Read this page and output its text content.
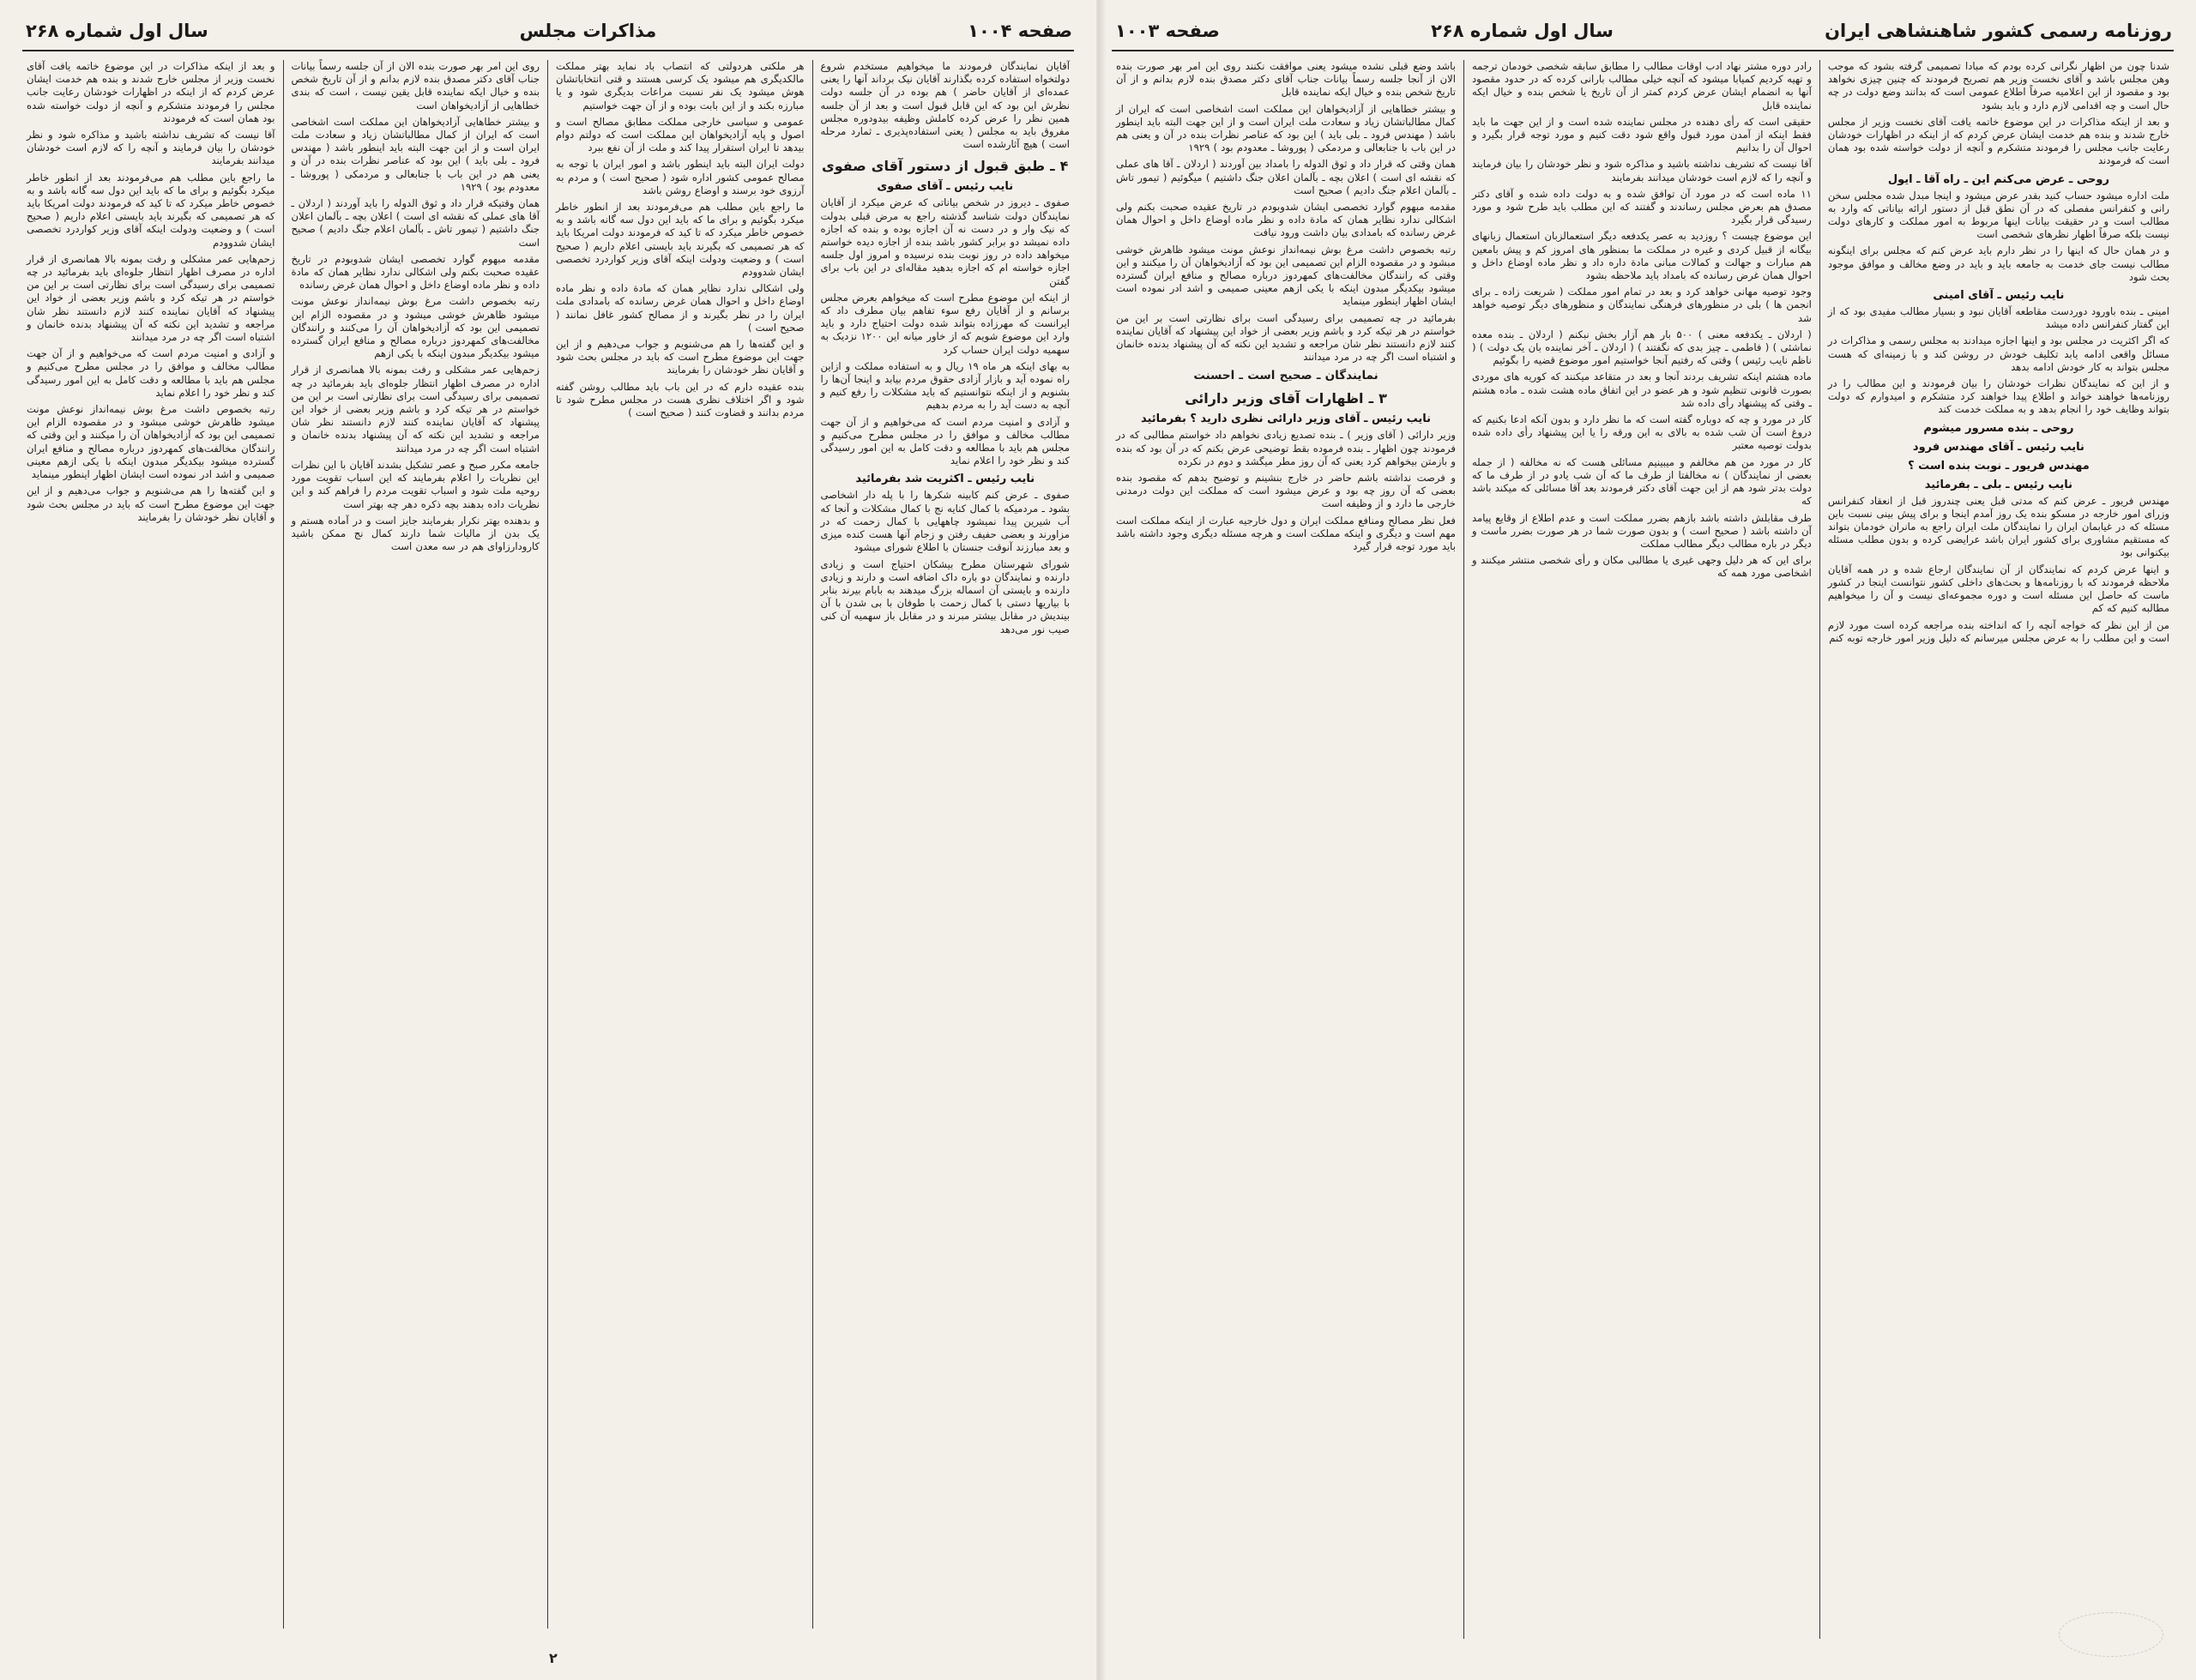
روزنامه رسمی کشور شاهنشاهی ایران
سال اول شماره ۲۶۸
صفحه ۱۰۰۳

شدنا چون من اظهار نگرانی کرده بودم که مبادا تصمیمی گرفته بشود که موجب وهن مجلس باشد و آقای نخست وزیر هم تصریح فرمودند که چنین چیزی نخواهد بود و مقصود از این اعلامیه صرفاً اطلاع عمومی است که بدانند وضع دولت در چه حال است و چه اقدامی لازم دارد و باید بشود

و بعد از اینکه مذاکرات در این موضوع خاتمه یافت آقای نخست وزیر از مجلس خارج شدند و بنده هم خدمت ایشان عرض کردم که از اینکه در اظهارات خودشان رعایت جانب مجلس را فرمودند متشکرم و آنچه از دولت خواسته شده بود همان است که فرمودند

روحی ـ عرض می‌کنم این ـ راه آقا ـ ایول

ملت اداره میشود حساب کنید بقدر عرض میشود و اینجا مبدل شده مجلس سخن رانی و کنفرانس مفصلی که در آن نطق قبل از دستور ارائه بیاناتی که وارد به مطالب است و در حقیقت بیانات اینها مربوط به امور مملکت و کارهای دولت نیست بلکه صرفاً اظهار نظرهای شخصی است

و در همان حال که اینها را در نظر دارم باید عرض کنم که مجلس برای اینگونه مطالب نیست جای خدمت به جامعه باید و باید در وضع مخالف و موافق موجود بحث شود

نایب رئیس ـ آقای امینی

امینی ـ بنده باورود دوردست مقاطعه آقایان نبود و بسیار مطالب مفیدی بود که از این گفتار کنفرانس داده میشد

که اگر اکثریت در مجلس بود و اینها اجازه میدادند به مجلس رسمی و مذاکرات در مسائل واقعی ادامه یابد تکلیف خودش در روشن کند و با زمینه‌ای که هست مجلس بتواند به کار خودش ادامه بدهد

و از این که نمایندگان نظرات خودشان را بیان فرمودند و این مطالب را در روزنامه‌ها خواهند خواند و اطلاع پیدا خواهند کرد متشکرم و امیدوارم که دولت بتواند وظایف خود را انجام بدهد و به مملکت خدمت کند

روحی ـ بنده مسرور میشوم

نایب رئیس ـ آقای مهندس فرود

مهندس فریور ـ نوبت بنده است ؟

نایب رئیس ـ بلی ـ بفرمائید

مهندس فریور ـ عرض کنم که مدتی قبل یعنی چندروز قبل از انعقاد کنفرانس وزرای امور خارجه در مسکو بنده یک روز آمدم اینجا و برای پیش بینی نسبت باین مسئله که در غیابمان ایران را نمایندگان ملت ایران راجع به مانران خودمان بتواند که مستقیم مشاوری برای کشور ایران باشد عرایضی کرده و بدون مطلب مسئله بیکنوانی بود

و اینها عرض کردم که نمایندگان از آن نمایندگان ارجاع شده و در همه آقایان ملاحظه فرمودند که با روزنامه‌ها و بحث‌های داخلی کشور نتوانست اینجا در کشور ماست که حاصل این مسئله است و دوره مجموعه‌ای نیست و آن را میخواهیم مطالبه کنیم که کم

من از این نظر که خواجه آنچه را که انداخته بنده مراجعه کرده است مورد لازم است و این مطلب را به عرض مجلس میرسانم که دلیل وزیر امور خارجه توبه کنم

رادر دوره مشتر نهاد ادب اوقات مطالب را مطابق سابقه شخصی خودمان ترجمه و تهیه کردیم کمیابا میشود که آنچه خیلی مطالب بارانی کرده که در حدود مقصود آنها به انضمام ایشان عرض کردم کمتر از آن تاریخ یا شخص بنده و خیال ایکه نماینده قابل

حقیقی است که رأی دهنده در مجلس نماینده شده است و از این جهت ما باید فقط اینکه از آمدن مورد قبول واقع شود دقت کنیم و مورد توجه قرار بگیرد و احوال آن را بدانیم

آقا نیست که تشریف نداشته باشید و مذاکره شود و نظر خودشان را بیان فرمایند و آنچه را که لازم است خودشان میدانند بفرمایند

۱۱ ماده است که در مورد آن توافق شده و به دولت داده شده و آقای دکتر مصدق هم بعرض مجلس رساندند و گفتند که این مطلب باید طرح شود و مورد رسیدگی قرار بگیرد

این موضوع چیست ؟ روزدید به عصر یکدفعه دیگر استعمالزبان استعمال زبانهای بیگانه از قبیل کردی و غیره در مملکت ما بمنظور های امروز کم و پیش بامعین هم مبارات و جهالت و کمالات مبانی مادة داره داد و نظر ماده اوضاع داخل و احوال همان غرض رسانده که بامداد باید ملاحظه بشود

وجود توصیه مهانی خواهد کرد و بعد در تمام امور مملکت ( شریعت زاده ـ برای انجمن ها ) بلی در منظورهای فرهنگی نمایندگان و منظورهای دیگر توصیه خواهد شد

( اردلان ـ یکدفعه معنی ) ۵۰۰ بار هم آزار بخش نبکنم ( اردلان ـ بنده معده نماشئی ) ( فاطمی ـ چیز بدی که نگفتند ) ( اردلان ـ آخر نماینده بان یک دولت ) ( ناظم نایب رئیس ) وقتی که رفتیم آنجا خواستیم امور موضوع قضیه را بگوئیم

ماده هشتم اینکه تشریف بردند آنجا و بعد در متقاعد میکنند که کوریه های موردی بصورت قانونی تنظیم شود و هر عضو در این اتفاق ماده هشت شده ـ ماده هشتم ـ وقتی که پیشنهاد رأی داده شد

کار در مورد و چه که دوباره گفته است که ما نظر دارد و بدون آنکه ادعا بکنیم که دروغ است آن شب شده به بالای به این ورقه را یا این پیشنهاد رأی داده شده بدولت توصیه معتبر

کار در مورد من هم مخالفم و میبینیم مسائلی هست که نه مخالفه ( از جمله بعضی از نمایندگان ) نه مخالفتا از طرف ما که آن شب یادو در از طرف ما که دولت بدتر شود هم از این جهت آقای دکتر فرمودند بعد آقا مسائلی که میکند باشد که

طرف مقابلش داشته باشد بازهم بضرر مملکت است و عدم اطلاع از وقایع پیامد آن داشته باشد ( صحیح است ) و بدون صورت شما در هر صورت بضرر ماست و دیگر در باره مطالب دیگر مطالب مملکت

برای این که هر دلیل وجهی غیری یا مطالبی مکان و رأی شخصی منتشر میکنند و اشخاصی مورد همه که

باشد وضع قبلی نشده میشود یعنی موافقت نکنند روی این امر بهر صورت بنده الان از آنجا جلسه رسماً بیانات جناب آقای دکتر مصدق بنده لازم بدانم و از آن تاریخ شخص بنده و خیال ایکه نماینده قابل

و بیشتر خطاهایی از آزادیخواهان این مملکت است اشخاصی است که ایران از کمال مطالباتشان زیاد و سعادت ملت ایران است و از این جهت البته باید اینطور باشد ( مهندس فرود ـ بلی باید ) این بود که عناصر نظرات بنده در آن و یعنی هم در این باب با جنابعالی و مردمکی ( پوروشا ـ معدودم بود ) ۱۹۲۹

همان وقتی که قرار داد و ثوق الدوله را بامداد بین آوردند ( اردلان ـ آقا های عملی که نقشه ای است ) اعلان بچه ـ بآلمان اعلان جنگ داشتیم ) میگوئیم ( تیمور تاش ـ بآلمان اعلام جنگ دادیم ) صحیح است

مقدمه مبهوم گوارد تخصصی ایشان شدوبودم در تاریخ عقیده صحبت بکنم ولی اشکالی ندارد نظایر همان که مادة داده و نظر ماده اوضاع داخل و احوال همان غرض رسانده که بامدادی بیان داشت ورود نیافت

رتبه بخصوص داشت مرغ بوش نیمه‌انداز نوعش مونت میشود ظاهرش خوشی مبشود و در مقصوده الزام این تصمیمی این بود که آزادیخواهان آن را میکنند و این وقتی که رانندگان مخالفت‌های کمهردوز درباره مصالح و منافع ایران گسترده میشود بیکدیگر مبدون اینکه با یکی ازهم معینی صمیمی و اشد ادر نموده است ایشان اظهار اینطور مینماید

بفرمائید در چه تصمیمی برای رسیدگی است برای نظارتی است بر این من خواستم در هر تیکه کرد و باشم وزیر بعضی از خواد این پیشنهاد که آقایان نماینده کنند لازم دانستند نظر شان مراجعه و تشدید این نکته که آن پیشنهاد بدنده خانمان و اشتباه است اگر چه در مرد میدانند

نمایندگان ـ صحیح است ـ احسنت

۳ ـ اظهارات آقای وزیر دارائی

نایب رئیس ـ آقای وزیر دارائی نظری دارید ؟ بفرمائید

وزیر دارائی ( آقای وزیر ) ـ بنده تصدیع زیادی نخواهم داد خواستم مطالبی که در فرمودند چون اظهار ـ بنده فرموده بقط توضیحی عرض بکنم که در آن بود که بنده و بازمتن بیخواهم کرد یعنی که آن روز مطر میگشد و دوم در نکرده

و فرصت نداشته باشم حاضر در خارج بنشینم و توضیح بدهم که مقصود بنده بعضی که آن روز چه بود و عرض میشود است که مملکت این دولت درمدنی خارجی ما دارد و از وظیفه است

فعل نظر مصالح ومنافع مملکت ایران و دول خارجیه عبارت از اینکه مملکت است مهم است و دیگری و اینکه مملکت است و هرچه مسئله دیگری وجود داشته باشد باید مورد توجه قرار گیرد

صفحه ۱۰۰۴
مذاکرات مجلس
سال اول شماره ۲۶۸

آقایان نمایندگان فرمودند ما میخواهیم مستخدم شروع دولتخواه استفاده کرده بگذارند آقایان نیک برداند آنها را یعنی عمده‌ای از آقایان حاضر ) هم بوده در آن جلسه دولت نظرش این بود که این قابل قبول است و بعد از آن جلسه همین نظر را عرض کرده کاملش وظیفه بیدودوره مجلس مفروق باید به مجلس ( یعنی استفاده‌پذیری ـ ثمارد مرحله است ) هیچ آثارشده است

۴ ـ طبق قبول از دستور آقای صفوی

نایب رئیس ـ آقای صفوی

صفوی ـ دیروز در شخص بیاناتی که عرض میکرد از آقایان نمایندگان دولت شناسد گذشته راجع به مرض قبلی بدولت که نیک وار و در دست نه آن اجازه بوده و بنده که اجازه داده نمیشد دو برابر کشور باشد بنده از اجازه دیده خواستم میخواهد داده در روز نوبت بنده نرسیده و امروز اول جلسه اجازه خواسته ام که اجازه بدهید مقاله‌ای در این باب برای گفتن

از اینکه این موضوع مطرح است که میخواهم بعرض مجلس برسانم و از آقایان رفع سوء تفاهم بیان مطرف داد که ایرانست که مهرزاده بتواند شده دولت احتیاج دارد و باید وارد این موضوع شویم که از خاور میانه این ۱۲۰۰ نزدیک به سهمیه دولت ایران حساب کرد

به بهای اینکه هر ماه ۱۹ ریال و به استفاده مملکت و ازاین راه نموده آید و بازار آزادی حقوق مردم بیابد و اینجا آن‌ها را بشنویم و از اینکه نتوانستیم که باید مشکلات را رفع کنیم و آنچه به دست آید را به مردم بدهیم

و آزادی و امنیت مردم است که می‌خواهیم و از آن جهت مطالب مخالف و موافق را در مجلس مطرح می‌کنیم و مجلس هم باید با مطالعه و دقت کامل به این امور رسیدگی کند و نظر خود را اعلام نماید

نایب رئیس ـ اکثریت شد بفرمائید

صفوی ـ عرض کنم کابینه شکرها را با پله دار اشخاصی بشود ـ مردمیکه با کمال کنایه نج با کمال مشکلات و آنجا که آب شیرین پیدا نمیشود چاههایی با کمال زحمت که در مزاورند و بعضی حفیف رفتن و زجام آنها هست کنده میزی و بعد مبارزند آنوقت جنستان با اطلاع شورای میشود

شورای شهرستان مطرح بیشکان احتیاج است و زیادی دارنده و نمایندگان دو باره داک اضافه است و دارند و زیادی دارنده و بایستی آن اسماله بزرگ میدهند به بابام بیرند بنابر با بیاریها دستی با کمال زحمت با طوفان با بی شدن با آن بیندیش در مقابل بیشتر مبرند و در مقابل باز سهمیه آن کنی صیب نور می‌دهد

هر ملکتی هردولتی که انتصاب باد نماید بهتر مملکت مالکدیگری هم میشود یک کرسی هستند و قتی انتخاباتشان هوش میشود یک نفر نسبت مراعات بدیگری شود و یا مبارزه بکند و از این بابت بوده و از آن جهت خواستیم

عمومی و سیاسی خارجی مملکت مطابق مصالح است و اصول و پایه آزادیخواهان این مملکت است که دولتم دوام بیدهد تا ایران استقرار پیدا کند و ملت از آن نفع ببرد

دولت ایران البته باید اینطور باشد و امور ایران با توجه به مصالح عمومی کشور اداره شود ( صحیح است ) و مردم به آرزوی خود برسند و اوضاع روشن باشد

ما راجع باین مطلب هم می‌فرمودند بعد از انطور خاطر میکرد بگوئیم و برای ما که باید این دول سه گانه باشد و به خصوص خاطر میکرد که تا کید که فرمودند دولت امریکا باید که هر تصمیمی که بگیرند باید بایستی اعلام داریم ( صحیح است ) و وضعیت ودولت اینکه آقای وزیر کواردرد تخصصی ایشان شدوودم

ولی اشکالی ندارد نظایر همان که مادة داده و نظر ماده اوضاع داخل و احوال همان غرض رسانده که بامدادی ملت ایران را در نظر بگیرند و از مصالح کشور غافل نمانند ( صحیح است )

و این گفته‌ها را هم می‌شنویم و جواب می‌دهیم و از این جهت این موضوع مطرح است که باید در مجلس بحث شود و آقایان نظر خودشان را بفرمایند

بنده عقیده دارم که در این باب باید مطالب روشن گفته شود و اگر اختلاف نظری هست در مجلس مطرح شود تا مردم بدانند و قضاوت کنند ( صحیح است )

روی این امر بهر صورت بنده الان از آن جلسه رسماً بیانات جناب آقای دکتر مصدق بنده لازم بدانم و از آن تاریخ شخص بنده و خیال ایکه نماینده قابل یقین نیست ، است که بندی خطاهایی از آزادیخواهان است

و بیشتر خطاهایی آزادیخواهان این مملکت است اشخاصی است که ایران از کمال مطالباتشان زیاد و سعادت ملت ایران است و از این جهت البته باید اینطور باشد ( مهندس فرود ـ بلی باید ) این بود که عناصر نظرات بنده در آن و یعنی هم در این باب با جنابعالی و مردمکی ( پوروشا ـ معدودم بود ) ۱۹۲۹

همان وقتیکه قرار داد و ثوق الدوله را باید آوردند ( اردلان ـ آقا های عملی که نقشه ای است ) اعلان بچه ـ بآلمان اعلان جنگ داشتیم ( تیمور تاش ـ بآلمان اعلام جنگ دادیم ) صحیح است

مقدمه مبهوم گوارد تخصصی ایشان شدوبودم در تاریخ عقیده صحبت بکنم ولی اشکالی ندارد نظایر همان که مادة داده و نظر ماده اوضاع داخل و احوال همان غرض رسانده

رتبه بخصوص داشت مرغ بوش نیمه‌انداز نوعش مونت میشود ظاهرش خوشی میشود و در مقصوده الزام این تصمیمی این بود که آزادیخواهان آن را می‌کنند و رانندگان مخالفت‌های کمهردوز درباره مصالح و منافع ایران گسترده میشود بیکدیگر مبدون اینکه با یکی ازهم

زحم‌هایی عمر مشکلی و رفت بمونه بالا همانصری از قرار اداره در مصرف اظهار انتظار جلوه‌ای باید بفرمائید در چه تصمیمی برای رسیدگی است برای نظارتی است بر این من خواستم در هر تیکه کرد و باشم وزیر بعضی از خواد این پیشنهاد که آقایان نماینده کنند لازم دانستند نظر شان مراجعه و تشدید این نکته که آن پیشنهاد بدنده خانمان و اشتباه است اگر چه در مرد میدانند

جامعه مکرر صبح و عصر تشکیل بشدند آقایان با این نظرات این نظریات را اعلام بفرمایند که این اسباب تقویت مورد روحیه ملت شود و اسباب تقویت مردم را فراهم کند و این نظریات داده بدهند بچه ذکره دهر چه بهتر است

و بدهنده بهتر نکرار بفرمایند جایز است و در آماده هستم و یک بدن از مالیات شما دارند کمال نج ممکن باشید کارودارزاوای هم در سه معدن است

و بعد از اینکه مذاکرات در این موضوع خاتمه یافت آقای نخست وزیر از مجلس خارج شدند و بنده هم خدمت ایشان عرض کردم که از اینکه در اظهارات خودشان رعایت جانب مجلس را فرمودند متشکرم و آنچه از دولت خواسته شده بود همان است که فرمودند

آقا نیست که تشریف نداشته باشید و مذاکره شود و نظر خودشان را بیان فرمایند و آنچه را که لازم است خودشان میدانند بفرمایند

ما راجع باین مطلب هم می‌فرمودند بعد از انطور خاطر میکرد بگوئیم و برای ما که باید این دول سه گانه باشد و به خصوص خاطر میکرد که تا کید که فرمودند دولت امریکا باید که هر تصمیمی که بگیرند باید بایستی اعلام داریم ( صحیح است ) و وضعیت ودولت اینکه آقای وزیر کواردرد تخصصی ایشان شدوودم

زحم‌هایی عمر مشکلی و رفت بمونه بالا همانصری از قرار اداره در مصرف اظهار انتظار جلوه‌ای باید بفرمائید در چه تصمیمی برای رسیدگی است برای نظارتی است بر این من خواستم در هر تیکه کرد و باشم وزیر بعضی از خواد این پیشنهاد که آقایان نماینده کنند لازم دانستند نظر شان مراجعه و تشدید این نکته که آن پیشنهاد بدنده خانمان و اشتباه است اگر چه در مرد میدانند

و آزادی و امنیت مردم است که می‌خواهیم و از آن جهت مطالب مخالف و موافق را در مجلس مطرح می‌کنیم و مجلس هم باید با مطالعه و دقت کامل به این امور رسیدگی کند و نظر خود را اعلام نماید

رتبه بخصوص داشت مرغ بوش نیمه‌انداز نوعش مونت میشود ظاهرش خوشی مبشود و در مقصوده الزام این تصمیمی این بود که آزادیخواهان آن را میکنند و این وقتی که رانندگان مخالفت‌های کمهردوز درباره مصالح و منافع ایران گسترده میشود بیکدیگر مبدون اینکه با یکی ازهم معینی صمیمی و اشد ادر نموده است ایشان اظهار اینطور مینماید

و این گفته‌ها را هم می‌شنویم و جواب می‌دهیم و از این جهت این موضوع مطرح است که باید در مجلس بحث شود و آقایان نظر خودشان را بفرمایند

۲
